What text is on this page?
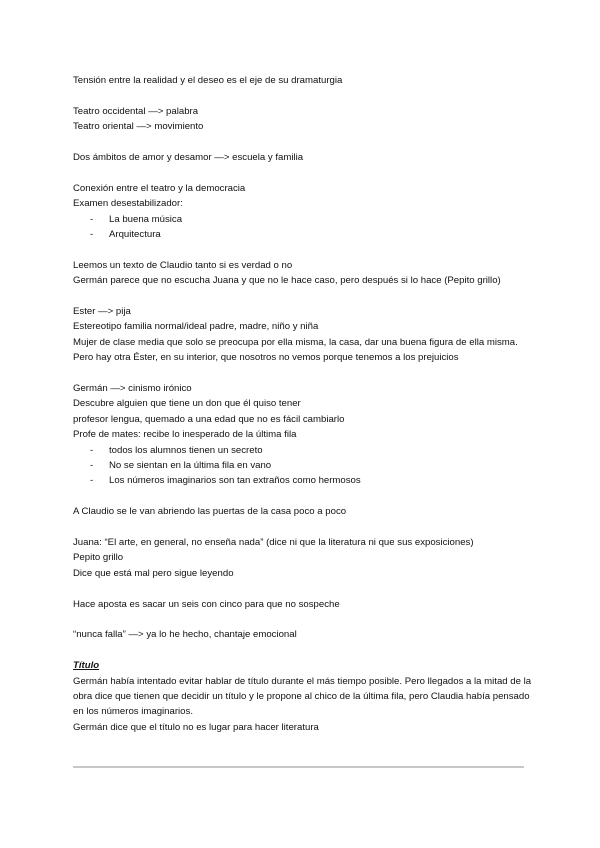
Tensión entre la realidad y el deseo es el eje de su dramaturgia

Teatro occidental —> palabra

Teatro oriental —> movimiento

Dos ámbitos de amor y desamor —> escuela y familia

Conexión entre el teatro y la democracia

Examen desestabilizador:

- La buena música

- Arquitectura

Leemos un texto de Claudio tanto si es verdad o no

Germán parece que no escucha Juana y que no le hace caso, pero después si lo hace (Pepito grillo)

Ester —> pija

Estereotipo familia normal/ideal padre, madre, niño y niña

Mujer de clase media que solo se preocupa por ella misma, la casa, dar una buena figura de ella misma.

Pero hay otra Éster, en su interior, que nosotros no vemos porque tenemos a los prejuicios

Germán —> cinismo irónico

Descubre alguien que tiene un don que él quiso tener

profesor lengua, quemado a una edad que no es fácil cambiarlo

Profe de mates: recibe lo inesperado de la última fila

- todos los alumnos tienen un secreto

- No se sientan en la última fila en vano

- Los números imaginarios son tan extraños como hermosos

A Claudio se le van abriendo las puertas de la casa poco a poco

Juana: “El arte, en general, no enseña nada” (dice ni que la literatura ni que sus exposiciones)

Pepito grillo

Dice que está mal pero sigue leyendo

Hace aposta es sacar un seis con cinco para que no sospeche

“nunca falla” —> ya lo he hecho, chantaje emocional

Título

Germán había intentado evitar hablar de título durante el más tiempo posible. Pero llegados a la mitad de la obra dice que tienen que decidir un título y le propone al chico de la última fila, pero Claudia había pensado en los números imaginarios.

Germán dice que el título no es lugar para hacer literatura
